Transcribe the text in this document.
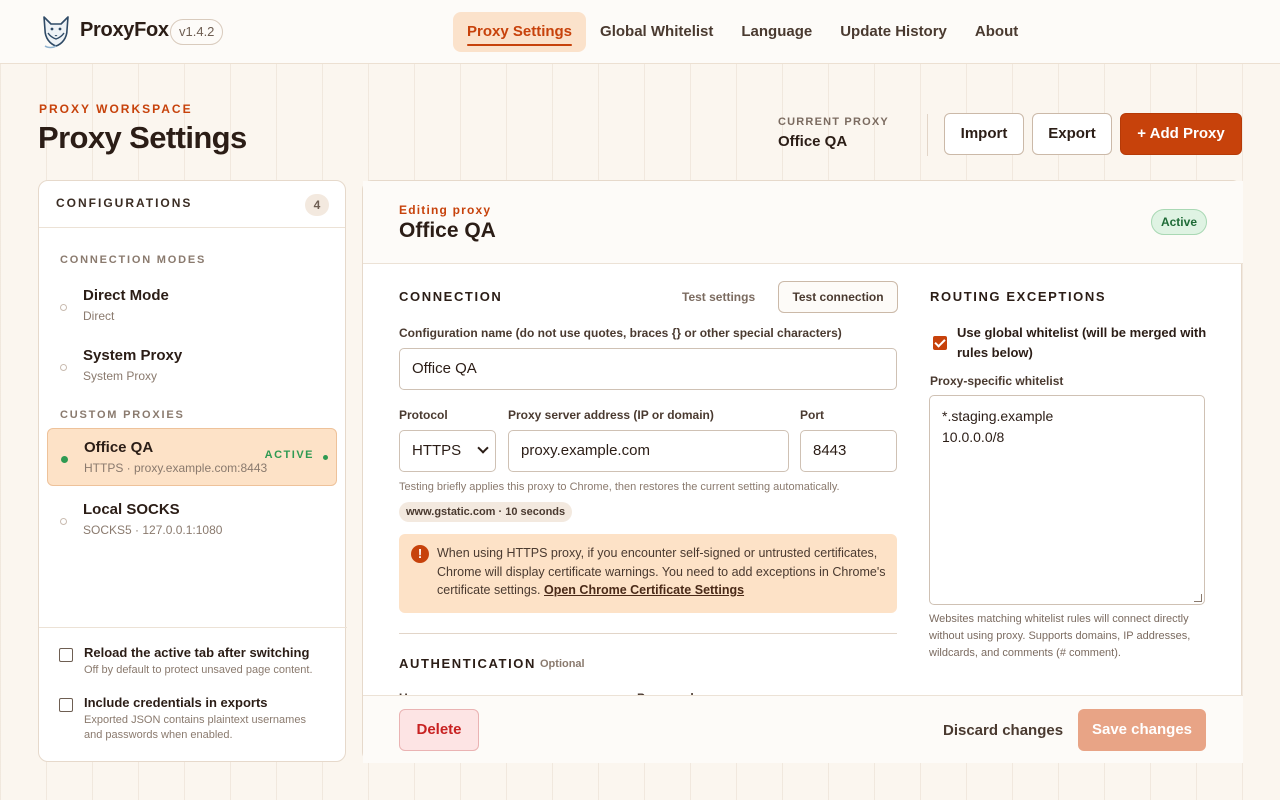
ProxyFox v1.4.2	Proxy Settings	Global Whitelist	Language	Update History	About
PROXY WORKSPACE
Proxy Settings	CURRENT PROXY
Office QA	Import	Export	+ Add Proxy
CONFIGURATIONS	4
CONNECTION MODES
Direct Mode
Direct
System Proxy
System Proxy
CUSTOM PROXIES
Office QA
HTTPS · proxy.example.com:8443
ACTIVE
Local SOCKS
SOCKS5 · 127.0.0.1:1080
Reload the active tab after switching
Off by default to protect unsaved page content.
Include credentials in exports
Exported JSON contains plaintext usernames and passwords when enabled.
Editing proxy
Office QA	Active
CONNECTION	Test settings	Test connection
Configuration name (do not use quotes, braces {} or other special characters)
Office QA
Protocol
HTTPS
Proxy server address (IP or domain)
proxy.example.com
Port
8443
Testing briefly applies this proxy to Chrome, then restores the current setting automatically.
www.gstatic.com · 10 seconds
!	When using HTTPS proxy, if you encounter self-signed or untrusted certificates, Chrome will display certificate warnings. You need to add exceptions in Chrome's certificate settings. Open Chrome Certificate Settings
AUTHENTICATION Optional
ROUTING EXCEPTIONS
Use global whitelist (will be merged with rules below)
Proxy-specific whitelist
*.staging.example
10.0.0.0/8
Websites matching whitelist rules will connect directly without using proxy. Supports domains, IP addresses, wildcards, and comments (# comment).
Delete	Discard changes	Save changes
